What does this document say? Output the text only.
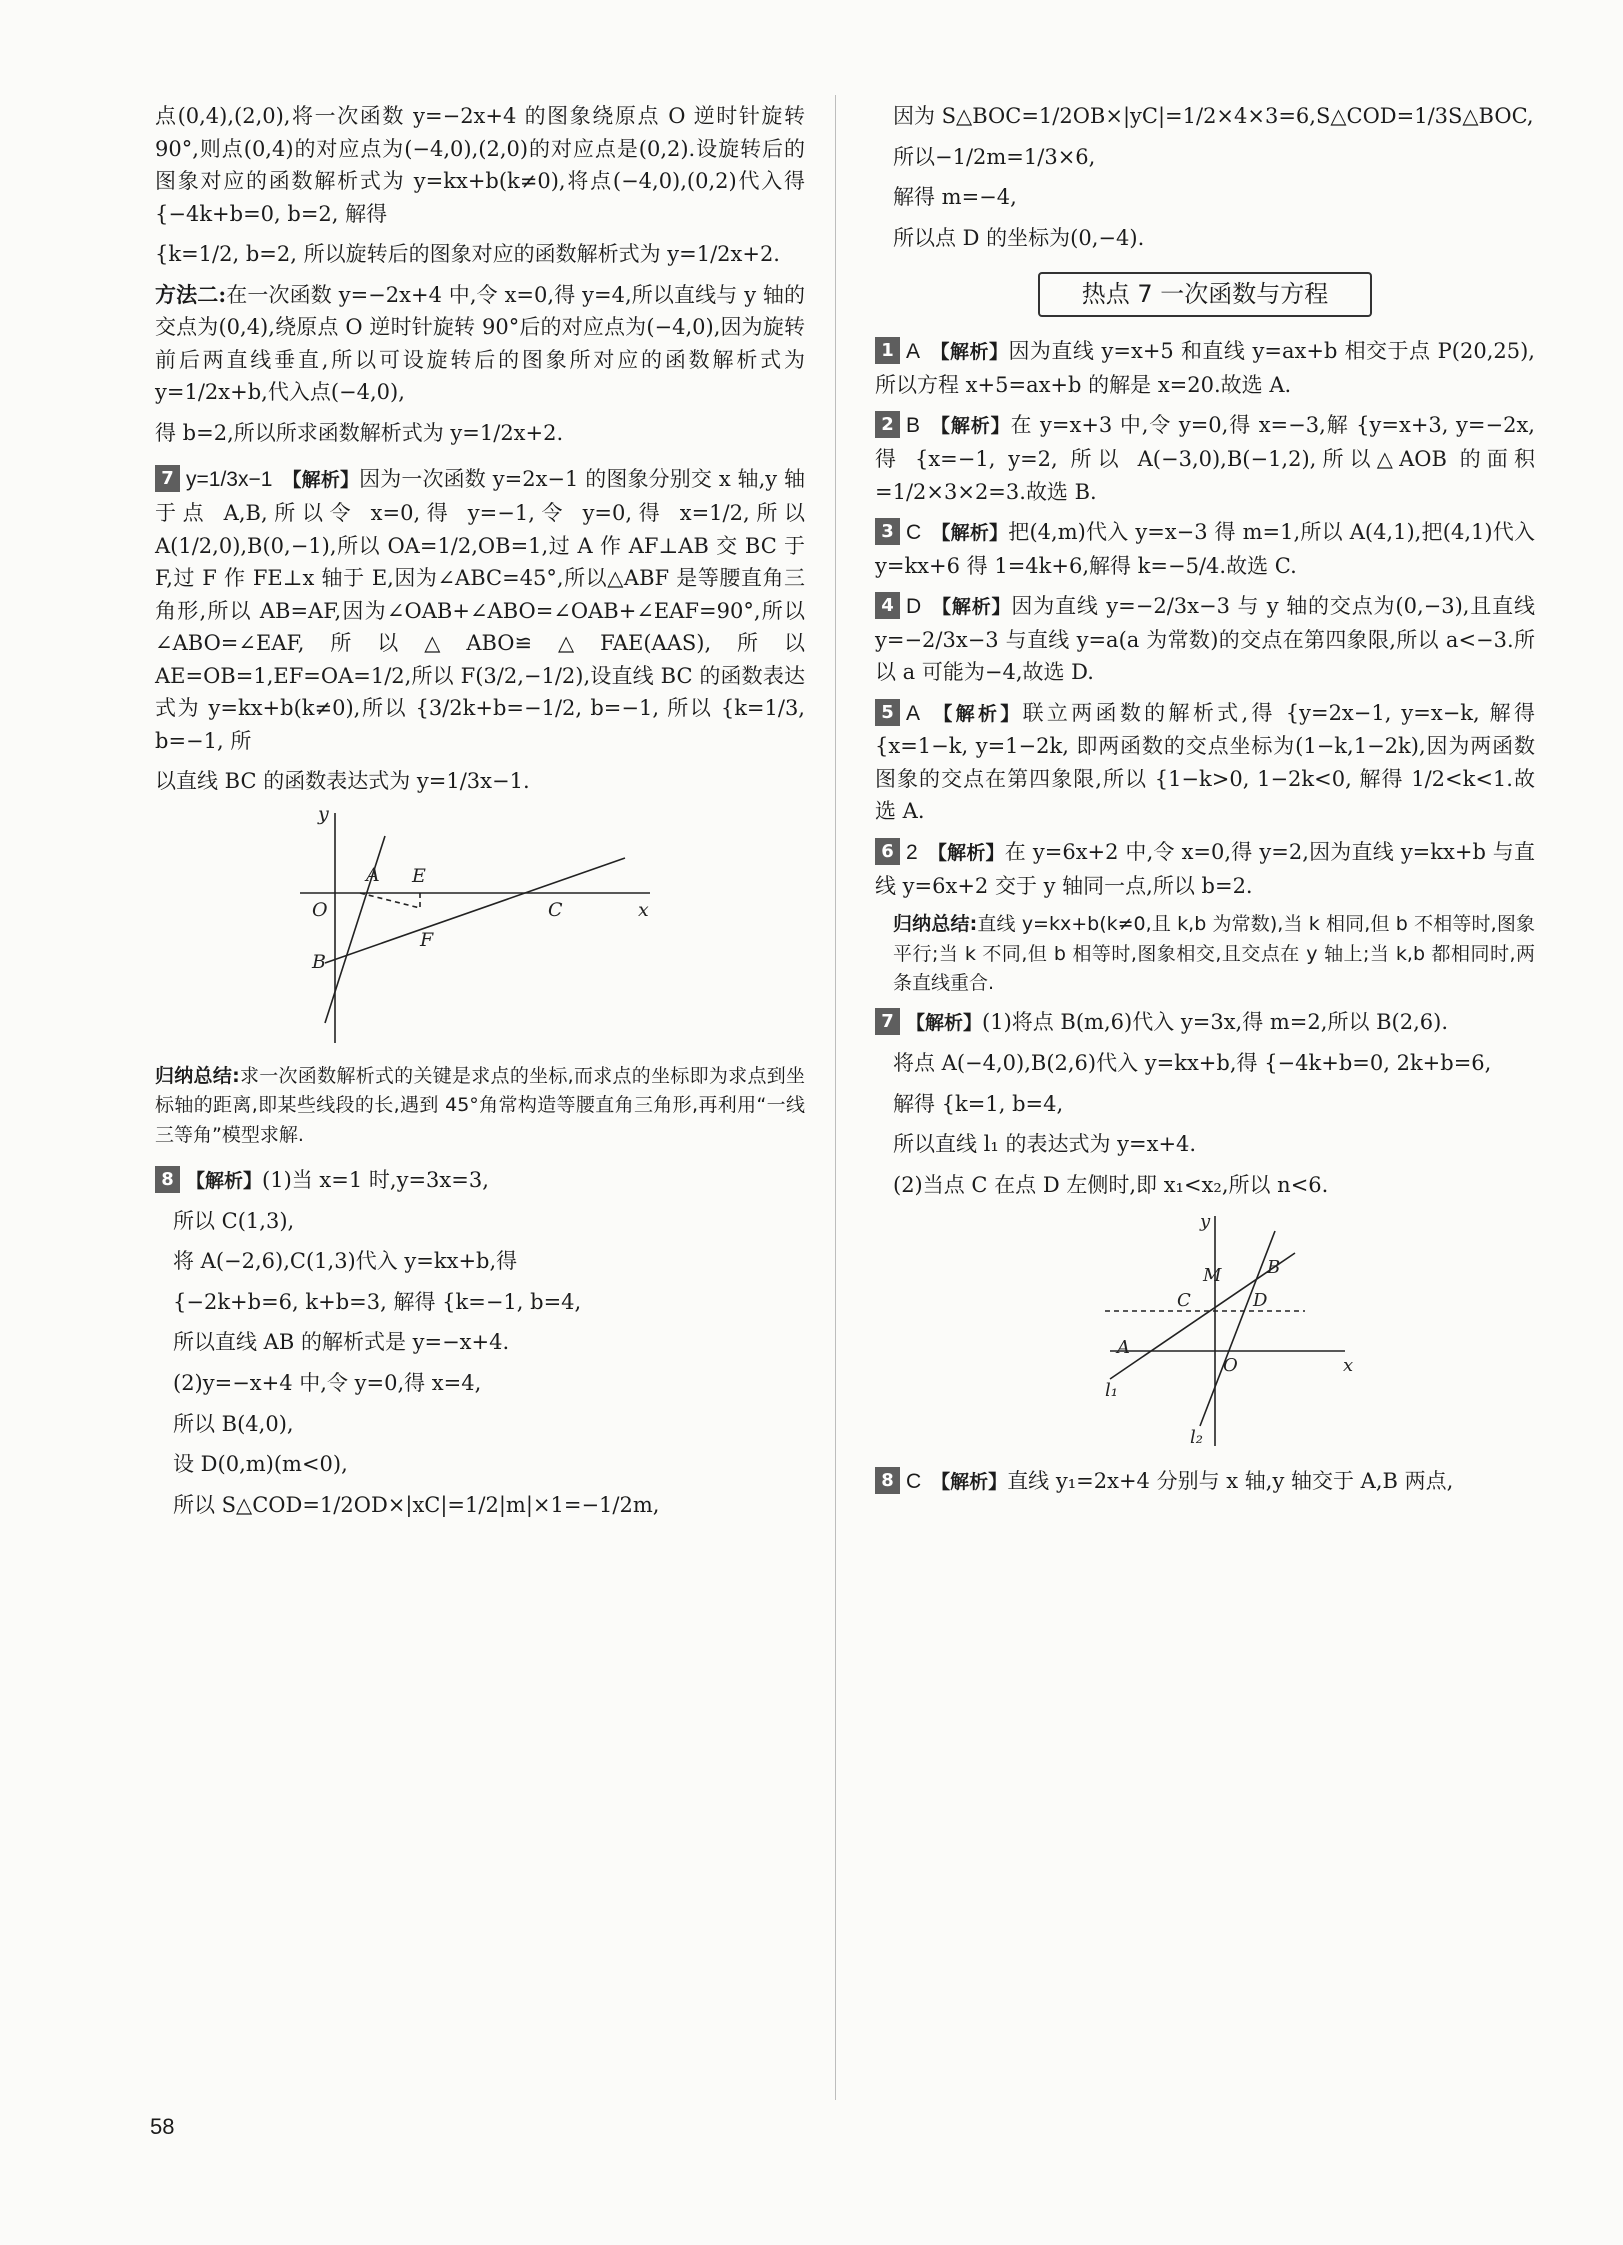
点(0,4),(2,0),将一次函数 y=−2x+4 的图象绕原点 O 逆时针旋转 90°,则点(0,4)的对应点为(−4,0),(2,0)的对应点是(0,2).设旋转后的图象对应的函数解析式为 y=kx+b(k≠0),将点(−4,0),(0,2)代入得 {−4k+b=0, b=2, 解得

{k=1/2, b=2, 所以旋转后的图象对应的函数解析式为 y=1/2x+2.

方法二:在一次函数 y=−2x+4 中,令 x=0,得 y=4,所以直线与 y 轴的交点为(0,4),绕原点 O 逆时针旋转 90°后的对应点为(−4,0),因为旋转前后两直线垂直,所以可设旋转后的图象所对应的函数解析式为 y=1/2x+b,代入点(−4,0),

得 b=2,所以所求函数解析式为 y=1/2x+2.

7 y=1/3x−1 【解析】因为一次函数 y=2x−1 的图象分别交 x 轴,y 轴于点 A,B,所以令 x=0,得 y=−1,令 y=0,得 x=1/2,所以 A(1/2,0),B(0,−1),所以 OA=1/2,OB=1,过 A 作 AF⊥AB 交 BC 于 F,过 F 作 FE⊥x 轴于 E,因为∠ABC=45°,所以△ABF 是等腰直角三角形,所以 AB=AF,因为∠OAB+∠ABO=∠OAB+∠EAF=90°,所以∠ABO=∠EAF,所以△ABO≌△FAE(AAS),所以 AE=OB=1,EF=OA=1/2,所以 F(3/2,−1/2),设直线 BC 的函数表达式为 y=kx+b(k≠0),所以 {3/2k+b=−1/2, b=−1, 所以 {k=1/3, b=−1, 所

以直线 BC 的函数表达式为 y=1/3x−1.

y
A E
O	C	x
B
F

归纳总结:求一次函数解析式的关键是求点的坐标,而求点的坐标即为求点到坐标轴的距离,即某些线段的长,遇到 45°角常构造等腰直角三角形,再利用“一线三等角”模型求解.

8 【解析】(1)当 x=1 时,y=3x=3,

所以 C(1,3),

将 A(−2,6),C(1,3)代入 y=kx+b,得

{−2k+b=6, k+b=3, 解得 {k=−1, b=4,

所以直线 AB 的解析式是 y=−x+4.

(2)y=−x+4 中,令 y=0,得 x=4,

所以 B(4,0),

设 D(0,m)(m<0),

所以 S△COD=1/2OD×|xC|=1/2|m|×1=−1/2m,

因为 S△BOC=1/2OB×|yC|=1/2×4×3=6,S△COD=1/3S△BOC,

所以−1/2m=1/3×6,

解得 m=−4,

所以点 D 的坐标为(0,−4).

热点 7 一次函数与方程

1 A 【解析】因为直线 y=x+5 和直线 y=ax+b 相交于点 P(20,25),所以方程 x+5=ax+b 的解是 x=20.故选 A.

2 B 【解析】在 y=x+3 中,令 y=0,得 x=−3,解 {y=x+3, y=−2x, 得 {x=−1, y=2, 所以 A(−3,0),B(−1,2),所以△AOB 的面积=1/2×3×2=3.故选 B.

3 C 【解析】把(4,m)代入 y=x−3 得 m=1,所以 A(4,1),把(4,1)代入 y=kx+6 得 1=4k+6,解得 k=−5/4.故选 C.

4 D 【解析】因为直线 y=−2/3x−3 与 y 轴的交点为(0,−3),且直线 y=−2/3x−3 与直线 y=a(a 为常数)的交点在第四象限,所以 a<−3.所以 a 可能为−4,故选 D.

5 A 【解析】联立两函数的解析式,得 {y=2x−1, y=x−k, 解得 {x=1−k, y=1−2k, 即两函数的交点坐标为(1−k,1−2k),因为两函数图象的交点在第四象限,所以 {1−k>0, 1−2k<0, 解得 1/2<k<1.故选 A.

6 2 【解析】在 y=6x+2 中,令 x=0,得 y=2,因为直线 y=kx+b 与直线 y=6x+2 交于 y 轴同一点,所以 b=2.

归纳总结:直线 y=kx+b(k≠0,且 k,b 为常数),当 k 相同,但 b 不相等时,图象平行;当 k 不同,但 b 相等时,图象相交,且交点在 y 轴上;当 k,b 都相同时,两条直线重合.

7 【解析】(1)将点 B(m,6)代入 y=3x,得 m=2,所以 B(2,6).

将点 A(−4,0),B(2,6)代入 y=kx+b,得 {−4k+b=0, 2k+b=6,

解得 {k=1, b=4,

所以直线 l₁ 的表达式为 y=x+4.

(2)当点 C 在点 D 左侧时,即 x₁<x₂,所以 n<6.

y
M	B
C	D
A
O	x
l₁
l₂

8 C 【解析】直线 y₁=2x+4 分别与 x 轴,y 轴交于 A,B 两点,

58
